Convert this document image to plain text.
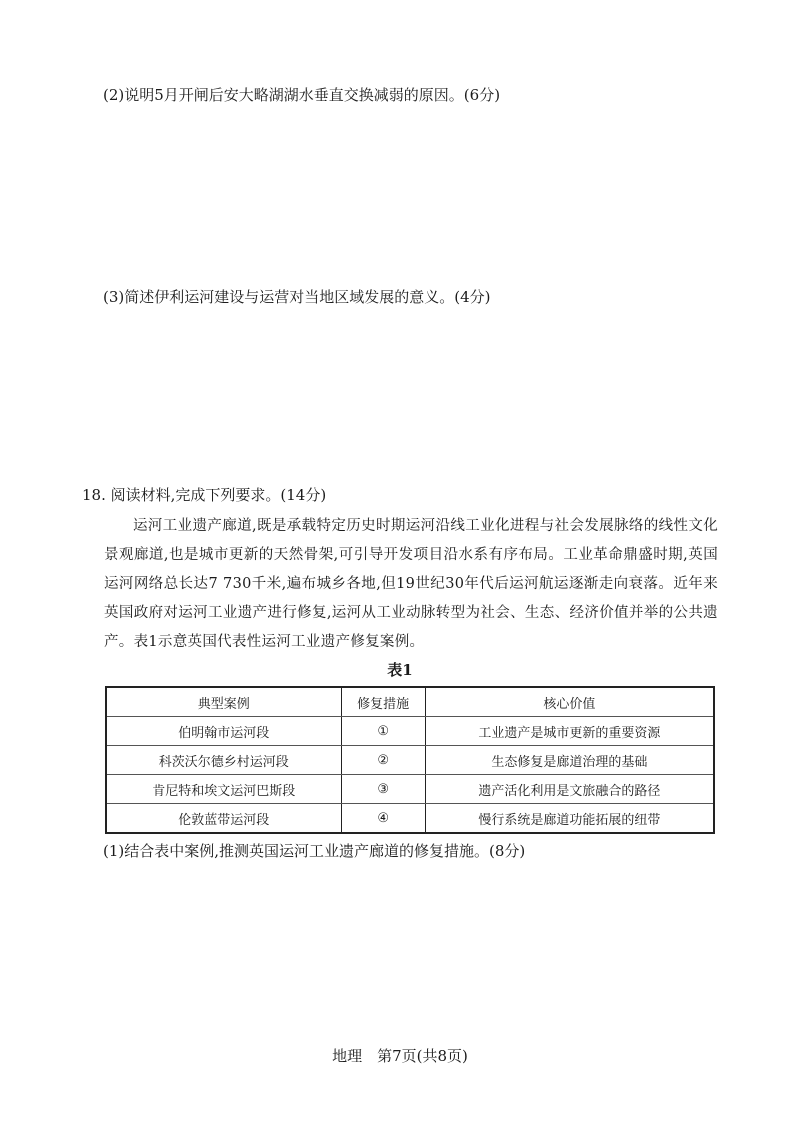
(2)说明5月开闸后安大略湖湖水垂直交换减弱的原因。(6分)
(3)简述伊利运河建设与运营对当地区域发展的意义。(4分)
18. 阅读材料,完成下列要求。(14分)
运河工业遗产廊道,既是承载特定历史时期运河沿线工业化进程与社会发展脉络的线性文化景观廊道,也是城市更新的天然骨架,可引导开发项目沿水系有序布局。工业革命鼎盛时期,英国运河网络总长达7 730千米,遍布城乡各地,但19世纪30年代后运河航运逐渐走向衰落。近年来英国政府对运河工业遗产进行修复,运河从工业动脉转型为社会、生态、经济价值并举的公共遗产。表1示意英国代表性运河工业遗产修复案例。
表1
典型案例	修复措施	核心价值
伯明翰市运河段	①	工业遗产是城市更新的重要资源
科茨沃尔德乡村运河段	②	生态修复是廊道治理的基础
肯尼特和埃文运河巴斯段	③	遗产活化利用是文旅融合的路径
伦敦蓝带运河段	④	慢行系统是廊道功能拓展的纽带
(1)结合表中案例,推测英国运河工业遗产廊道的修复措施。(8分)
地理　第7页(共8页)
